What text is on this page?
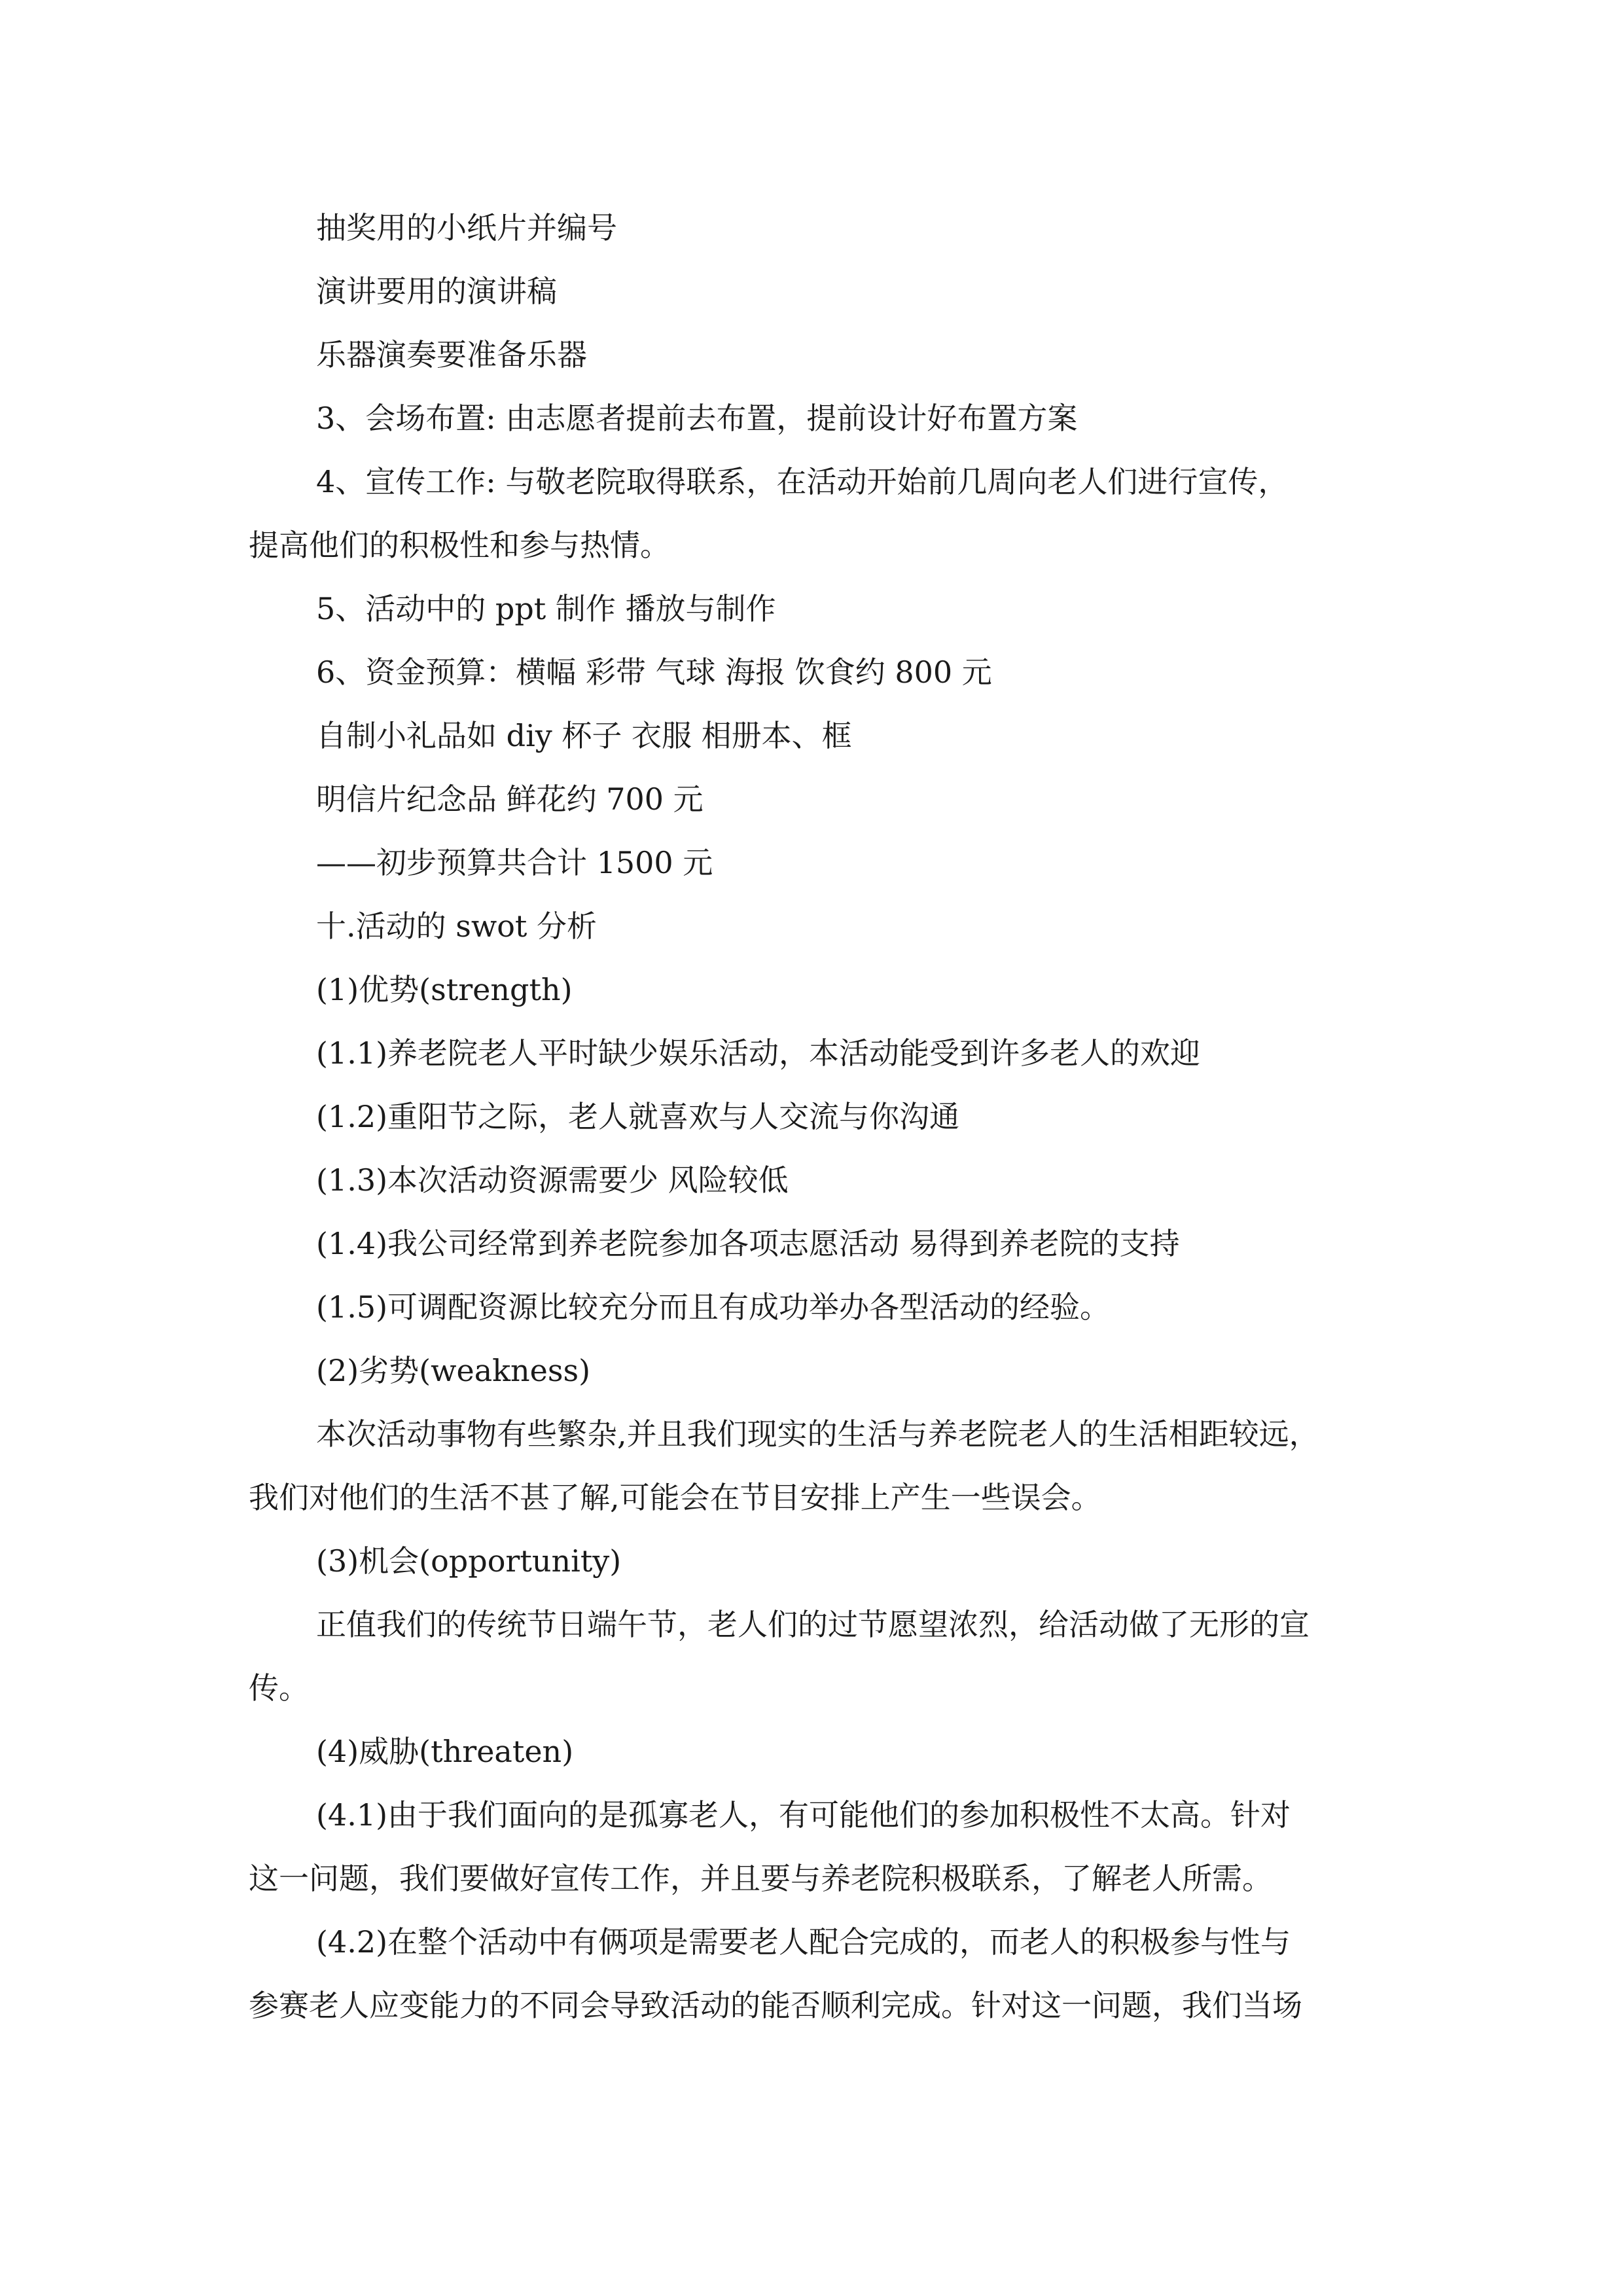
抽奖用的小纸片并编号

演讲要用的演讲稿

乐器演奏要准备乐器

3、会场布置: 由志愿者提前去布置，提前设计好布置方案

4、宣传工作: 与敬老院取得联系，在活动开始前几周向老人们进行宣传，

提高他们的积极性和参与热情。

5、活动中的 ppt 制作 播放与制作

6、资金预算：横幅 彩带 气球 海报 饮食约 800 元

自制小礼品如 diy 杯子 衣服 相册本、框

明信片纪念品 鲜花约 700 元

——初步预算共合计 1500 元

十.活动的 swot 分析

(1)优势(strength)

(1.1)养老院老人平时缺少娱乐活动，本活动能受到许多老人的欢迎

(1.2)重阳节之际，老人就喜欢与人交流与你沟通

(1.3)本次活动资源需要少 风险较低

(1.4)我公司经常到养老院参加各项志愿活动 易得到养老院的支持

(1.5)可调配资源比较充分而且有成功举办各型活动的经验。

(2)劣势(weakness)

本次活动事物有些繁杂,并且我们现实的生活与养老院老人的生活相距较远，

我们对他们的生活不甚了解,可能会在节目安排上产生一些误会。

(3)机会(opportunity)

正值我们的传统节日端午节，老人们的过节愿望浓烈，给活动做了无形的宣

传。

(4)威胁(threaten)

(4.1)由于我们面向的是孤寡老人，有可能他们的参加积极性不太高。针对

这一问题，我们要做好宣传工作，并且要与养老院积极联系，了解老人所需。

(4.2)在整个活动中有俩项是需要老人配合完成的，而老人的积极参与性与

参赛老人应变能力的不同会导致活动的能否顺利完成。针对这一问题，我们当场
